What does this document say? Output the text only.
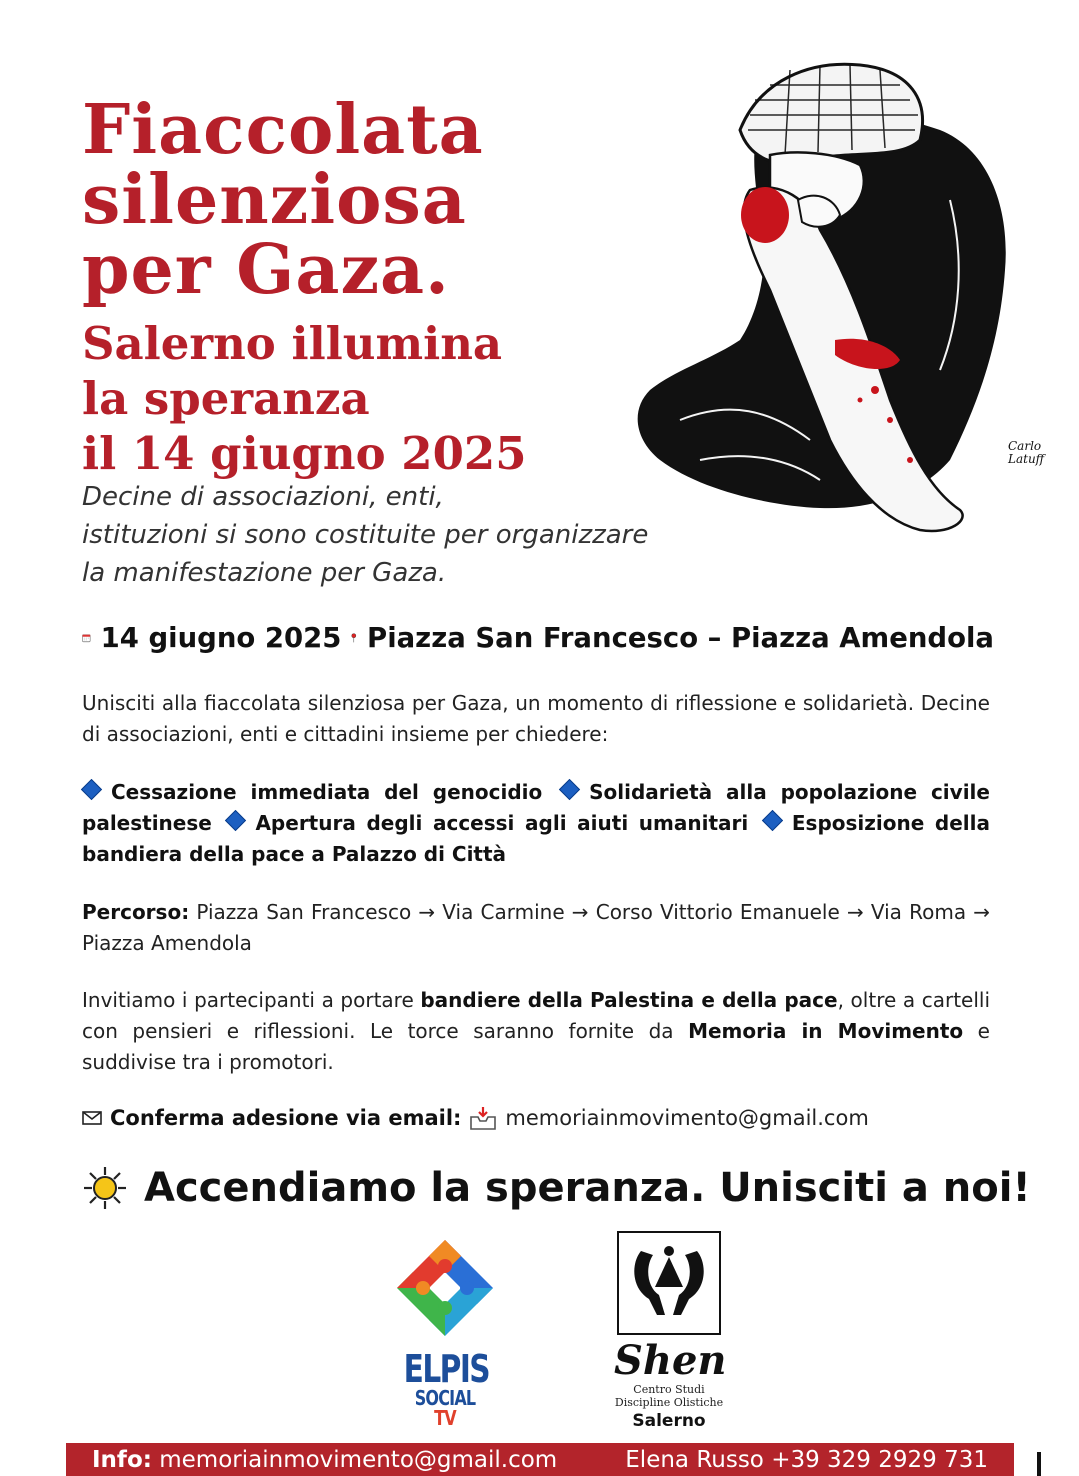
Fiaccolata
silenziosa
per Gaza.
Salerno illumina
la speranza
il 14 giugno 2025

Decine di associazioni, enti,
istituzioni si sono costituite per organizzare
la manifestazione per Gaza.

Carlo
Latuff
14 giugno 2025 Piazza San Francesco – Piazza Amendola

Unisciti alla fiaccolata silenziosa per Gaza, un momento di riflessione e solidarietà. Decine di associazioni, enti e cittadini insieme per chiedere:

Cessazione immediata del genocidio Solidarietà alla popolazione civile palestinese Apertura degli accessi agli aiuti umanitari Esposizione della bandiera della pace a Palazzo di Città

Percorso: Piazza San Francesco → Via Carmine → Corso Vittorio Emanuele → Via Roma → Piazza Amendola

Invitiamo i partecipanti a portare bandiere della Palestina e della pace, oltre a cartelli con pensieri e riflessioni. Le torce saranno fornite da Memoria in Movimento e suddivise tra i promotori.

Conferma adesione via email: memoriainmovimento@gmail.com
Accendiamo la speranza. Unisciti a noi!
ELPIS
SOCIAL TV
Shen
Centro Studi
Discipline Olistiche
Salerno
Info: memoriainmovimento@gmail.com	Elena Russo +39 329 2929 731
